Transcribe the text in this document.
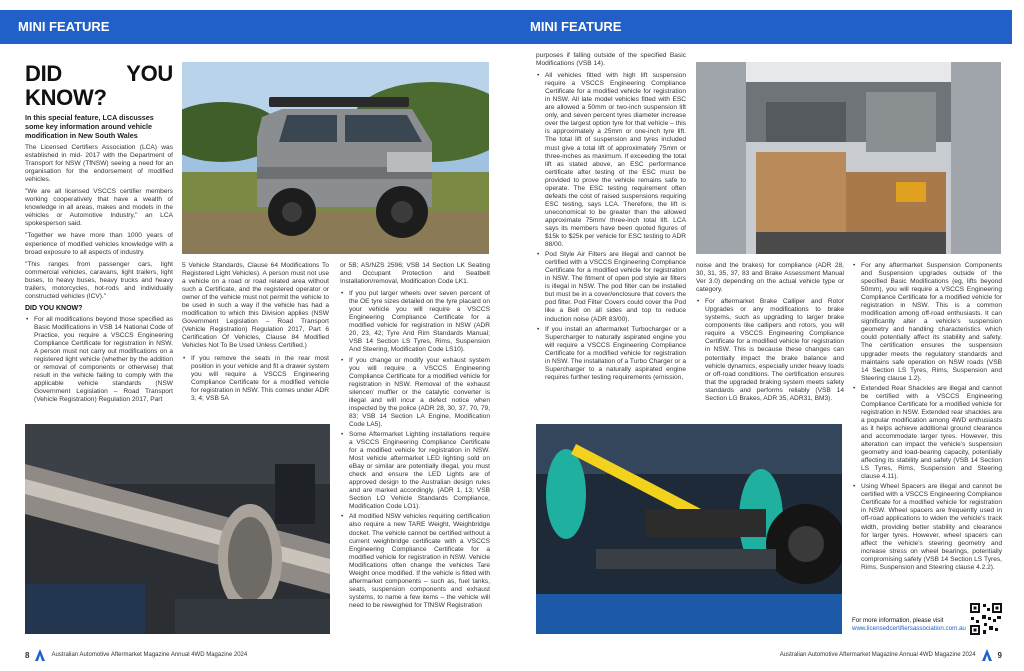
MINI FEATURE
DID YOU KNOW?

In this special feature, LCA discusses some key information around vehicle modification in New South Wales

The Licensed Certifiers Association (LCA) was established in mid- 2017 with the Department of Transport for NSW (TfNSW) seeing a need for an organisation for the endorsement of modified vehicles.

"We are all licensed VSCCS certifier members working cooperatively that have a wealth of knowledge in all areas, makes and models in the vehicles or Automotive Industry," an LCA spokesperson said.

"Together we have more than 1000 years of experience of modified vehicles knowledge with a broad exposure to all aspects of industry.

"This ranges from passenger cars, light commercial vehicles, caravans, light trailers, light buses, to heavy buses, heavy trucks and heavy trailers, motorcycles, hot-rods and individually constructed vehicles (ICV)."

DID YOU KNOW?
• For all modifications beyond those specified as Basic Modifications in VSB 14 National Code of Practice, you require a VSCCS Engineering Compliance Certificate for registration in NSW. A person must not carry out modifications on a registered light vehicle (whether by the addition or removal of components or otherwise) that result in the vehicle failing to comply with the applicable vehicle standards (NSW Government Legislation – Road Transport (Vehicle Registration) Regulation 2017, Part

5 Vehicle Standards, Clause 64 Modifications To Registered Light Vehicles). A person must not use a vehicle on a road or road related area without such a Certificate, and the registered operator or owner of the vehicle must not permit the vehicle to be used in such a way if the vehicle has had a modification to which this Division applies (NSW Government Legislation – Road Transport (Vehicle Registration) Regulation 2017, Part 6 Certification Of Vehicles, Clause 84 Modified Vehicles Not To Be Used Unless Certified.)

• If you remove the seats in the rear most position in your vehicle and fit a drawer system you will require a VSCCS Engineering Compliance Certificate for a modified vehicle for registration in NSW. This comes under ADR 3, 4; VSB 5A

or 5B; AS/NZS 2596; VSB 14 Section LK Seating and Occupant Protection and Seatbelt Installation/removal, Modification Code LK1.

• If you put larger wheels over seven percent of the OE tyre sizes detailed on the tyre placard on your vehicle you will require a VSCCS Engineering Compliance Certificate for a modified vehicle for registration in NSW (ADR 20, 23, 42; Tyre And Rim Standards Manual; VSB 14 Section LS Tyres, Rims, Suspension And Steering, Modification Code LS10).
• If you change or modify your exhaust system you will require a VSCCS Engineering Compliance Certificate for a modified vehicle for registration in NSW. Removal of the exhaust silencer/ muffler or the catalytic converter is illegal and will incur a defect notice when inspected by the police (ADR 28, 30, 37, 70, 79, 83; VSB 14 Section LA Engine, Modification Code LA5).
• Some Aftermarket Lighting installations require a VSCCS Engineering Compliance Certificate for a modified vehicle for registration in NSW. Most vehicle aftermarket LED lighting sold on eBay or similar are potentially illegal, you must check and ensure the LED Lights are of approved design to the Australian design rules and are marked accordingly. (ADR 1, 13; VSB Section LO Vehicle Standards Compliance, Modification Code LO1).
• All modified NSW vehicles requiring certification also require a new TARE Weight, Weighbridge docket. The vehicle cannot be certified without a current weighbridge certificate with a VSCCS Engineering Compliance Certificate for a modified vehicle for registration in NSW. Vehicle Modifications often change the vehicles Tare Weight once modified. If the vehicle is fitted with aftermarket components – such as, fuel tanks, seats, suspension components and exhaust systems, to name a few items – the vehicle will need to be reweighed for TfNSW Registration
8	Australian Automotive Aftermarket Magazine Annual 4WD Magazine 2024
MINI FEATURE

purposes if falling outside of the specified Basic Modifications (VSB 14).

• All vehicles fitted with high lift suspension require a VSCCS Engineering Compliance Certificate for a modified vehicle for registration in NSW. All late model vehicles fitted with ESC are allowed a 50mm or two-inch suspension lift only, and seven percent tyres diameter increase over the largest option tyre for that vehicle – this is approximately a 25mm or one-inch tyre lift. The total lift of suspension and tyres included must give a total lift of approximately 75mm or three-inches as maximum. If exceeding the total lift as stated above, an ESC performance certificate after testing of the ESC must be provided to prove the vehicle remains safe to operate. The ESC testing requirement often defeats the cost of raised suspensions requiring ESC testing, says LCA. Therefore, the lift is uneconomical to be greater than the allowed approximate 75mm/ three-inch total lift. LCA says its members have been quoted figures of $15k to $25k per vehicle for ESC testing to ADR 88/00.
• Pod Style Air Filters are illegal and cannot be certified with a VSCCS Engineering Compliance Certificate for a modified vehicle for registration in NSW. The fitment of open pod style air filters is illegal in NSW. The pod filter can be installed but must be in a cover/enclosure that covers the pod filter. Pod Filter Covers could cover the Pod like a Bell on all sides and top to reduce induction noise (ADR 83/00).
• If you install an aftermarket Turbocharger or a Supercharger to naturally aspirated engine you will require a VSCCS Engineering Compliance Certificate for a modified vehicle for registration in NSW. The installation of a Turbo Charger or a Supercharger to a naturally aspirated engine requires further testing requirements (emission,

noise and the brakes) for compliance (ADR 28, 30, 31, 35, 37, 83 and Brake Assessment Manual Ver 3.0) depending on the actual vehicle type or category.

• For aftermarket Brake Calliper and Rotor Upgrades or any modifications to brake systems, such as upgrading to larger brake components like callipers and rotors, you will require a VSCCS Engineering Compliance Certificate for a modified vehicle for registration in NSW. This is because these changes can potentially impact the brake balance and vehicle dynamics, especially under heavy loads or off-road conditions. The certification ensures that the upgraded braking system meets safety standards and performs reliably (VSB 14 Section LG Brakes, ADR 35, ADR31, BM3).
• For any aftermarket Suspension Components and Suspension upgrades outside of the specified Basic Modifications (eg, lifts beyond 50mm), you will require a VSCCS Engineering Compliance Certificate for a modified vehicle for registration in NSW. This is a common modification among off-road enthusiasts. It can significantly alter a vehicle's suspension geometry and handling characteristics which could potentially affect its stability and safety. The certification ensures the suspension upgrader meets the regulatory standards and maintains safe operation on NSW roads (VSB 14 Section LS Tyres, Rims, Suspension and Steering clause 1.2).
• Extended Rear Shackles are illegal and cannot be certified with a VSCCS Engineering Compliance Certificate for a modified vehicle for registration in NSW. Extended rear shackles are a popular modification among 4WD enthusiasts as it helps achieve additional ground clearance and accommodate larger tyres. However, this alteration can impact the vehicle's suspension geometry and load-bearing capacity, potentially affecting its stability and safety (VSB 14 Section LS Tyres, Rims, Suspension and Steering clause 4.11).
• Using Wheel Spacers are illegal and cannot be certified with a VSCCS Engineering Compliance Certificate for a modified vehicle for registration in NSW. Wheel spacers are frequently used in off-road applications to widen the vehicle's track width, providing better stability and clearance for larger tyres. However, wheel spacers can affect the vehicle's steering geometry and increase stress on wheel bearings, potentially compromising safety (VSB 14 Section LS Tyres, Rims, Suspension and Steering clause 4.2.2).
For more information, please visit
www.licensedcertifiersassociation.com.au
Australian Automotive Aftermarket Magazine Annual 4WD Magazine 2024	9
